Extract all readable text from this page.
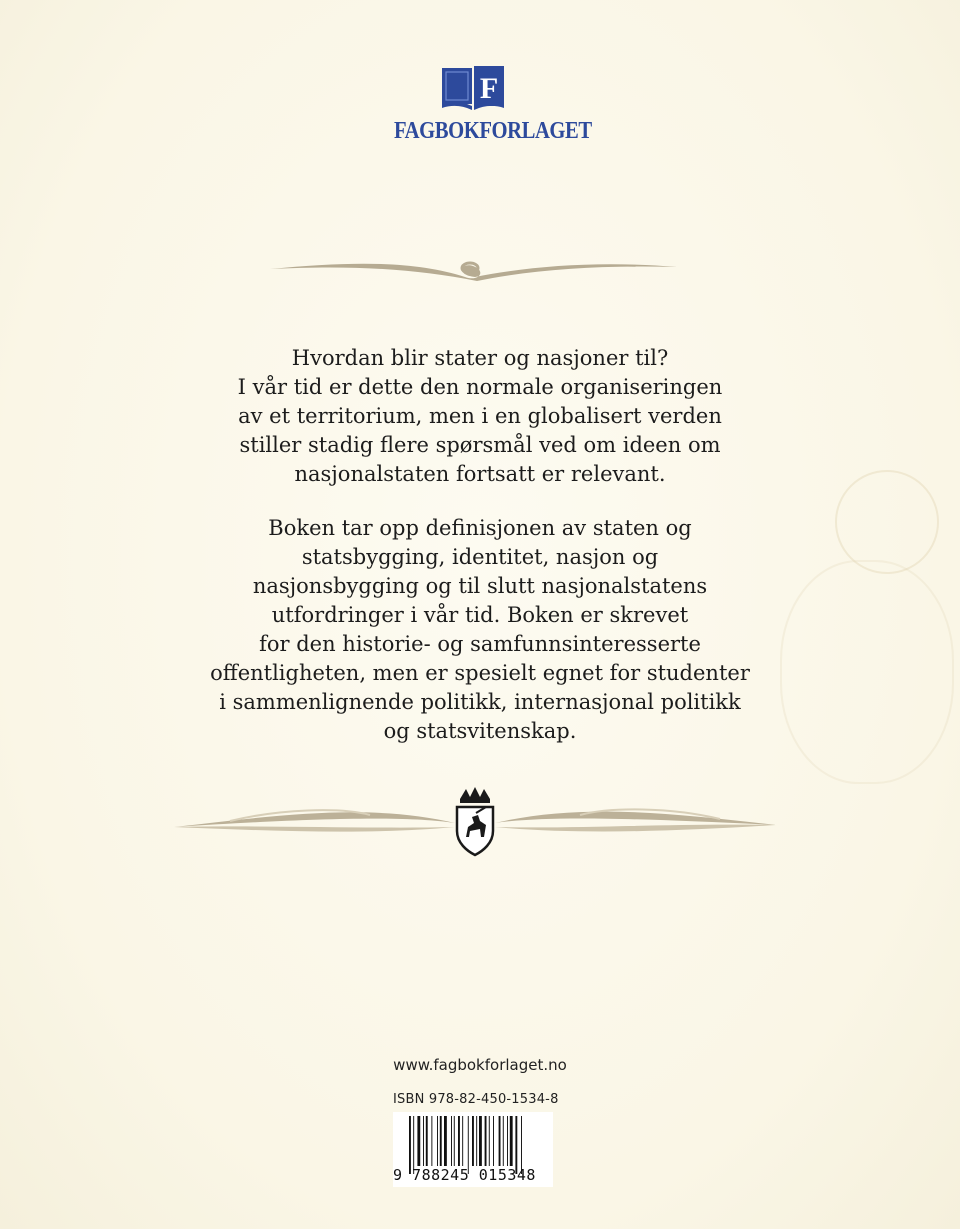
F
FAGBOKFORLAGET
Hvordan blir stater og nasjoner til?
I vår tid er dette den normale organiseringen
av et territorium, men i en globalisert verden
stiller stadig flere spørsmål ved om ideen om
nasjonalstaten fortsatt er relevant.
Boken tar opp definisjonen av staten og
statsbygging, identitet, nasjon og
nasjonsbygging og til slutt nasjonalstatens
utfordringer i vår tid. Boken er skrevet
for den historie- og samfunnsinteresserte
offentligheten, men er spesielt egnet for studenter
i sammenlignende politikk, internasjonal politikk
og statsvitenskap.
www.fagbokforlaget.no
ISBN 978-82-450-1534-8
9 788245 015348
